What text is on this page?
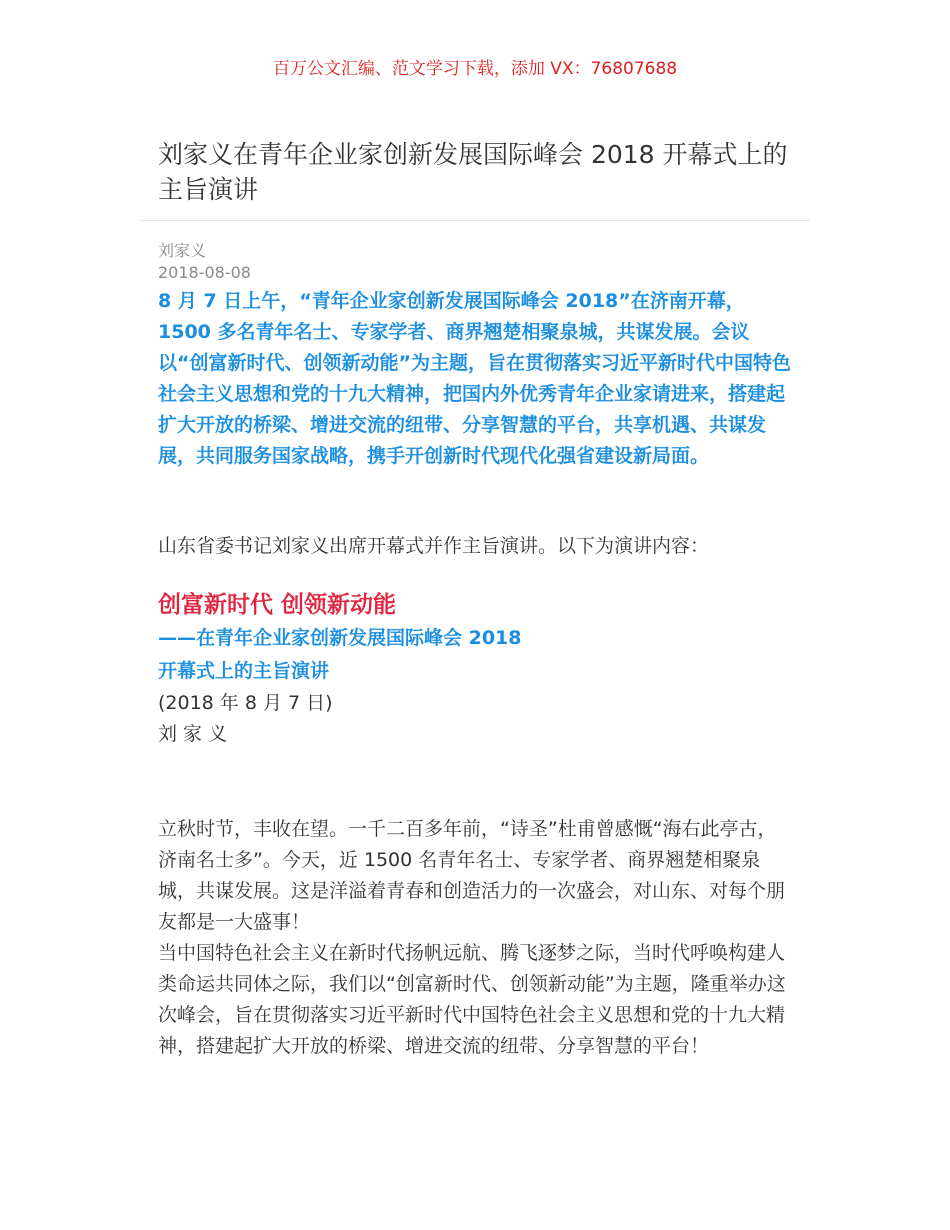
百万公文汇编、范文学习下载，添加 VX：76807688
刘家义在青年企业家创新发展国际峰会 2018 开幕式上的主旨演讲
刘家义
2018-08-08

8 月 7 日上午，“青年企业家创新发展国际峰会 2018”在济南开幕，1500 多名青年名士、专家学者、商界翘楚相聚泉城，共谋发展。会议以“创富新时代、创领新动能”为主题，旨在贯彻落实习近平新时代中国特色社会主义思想和党的十九大精神，把国内外优秀青年企业家请进来，搭建起扩大开放的桥梁、增进交流的纽带、分享智慧的平台，共享机遇、共谋发展，共同服务国家战略，携手开创新时代现代化强省建设新局面。

山东省委书记刘家义出席开幕式并作主旨演讲。以下为演讲内容：

创富新时代 创领新动能

——在青年企业家创新发展国际峰会 2018

开幕式上的主旨演讲

(2018 年 8 月 7 日)

刘 家 义

立秋时节，丰收在望。一千二百多年前，“诗圣”杜甫曾感慨“海右此亭古，济南名士多”。今天，近 1500 名青年名士、专家学者、商界翘楚相聚泉城，共谋发展。这是洋溢着青春和创造活力的一次盛会，对山东、对每个朋友都是一大盛事！

当中国特色社会主义在新时代扬帆远航、腾飞逐梦之际，当时代呼唤构建人类命运共同体之际，我们以“创富新时代、创领新动能”为主题，隆重举办这次峰会，旨在贯彻落实习近平新时代中国特色社会主义思想和党的十九大精神，搭建起扩大开放的桥梁、增进交流的纽带、分享智慧的平台！
